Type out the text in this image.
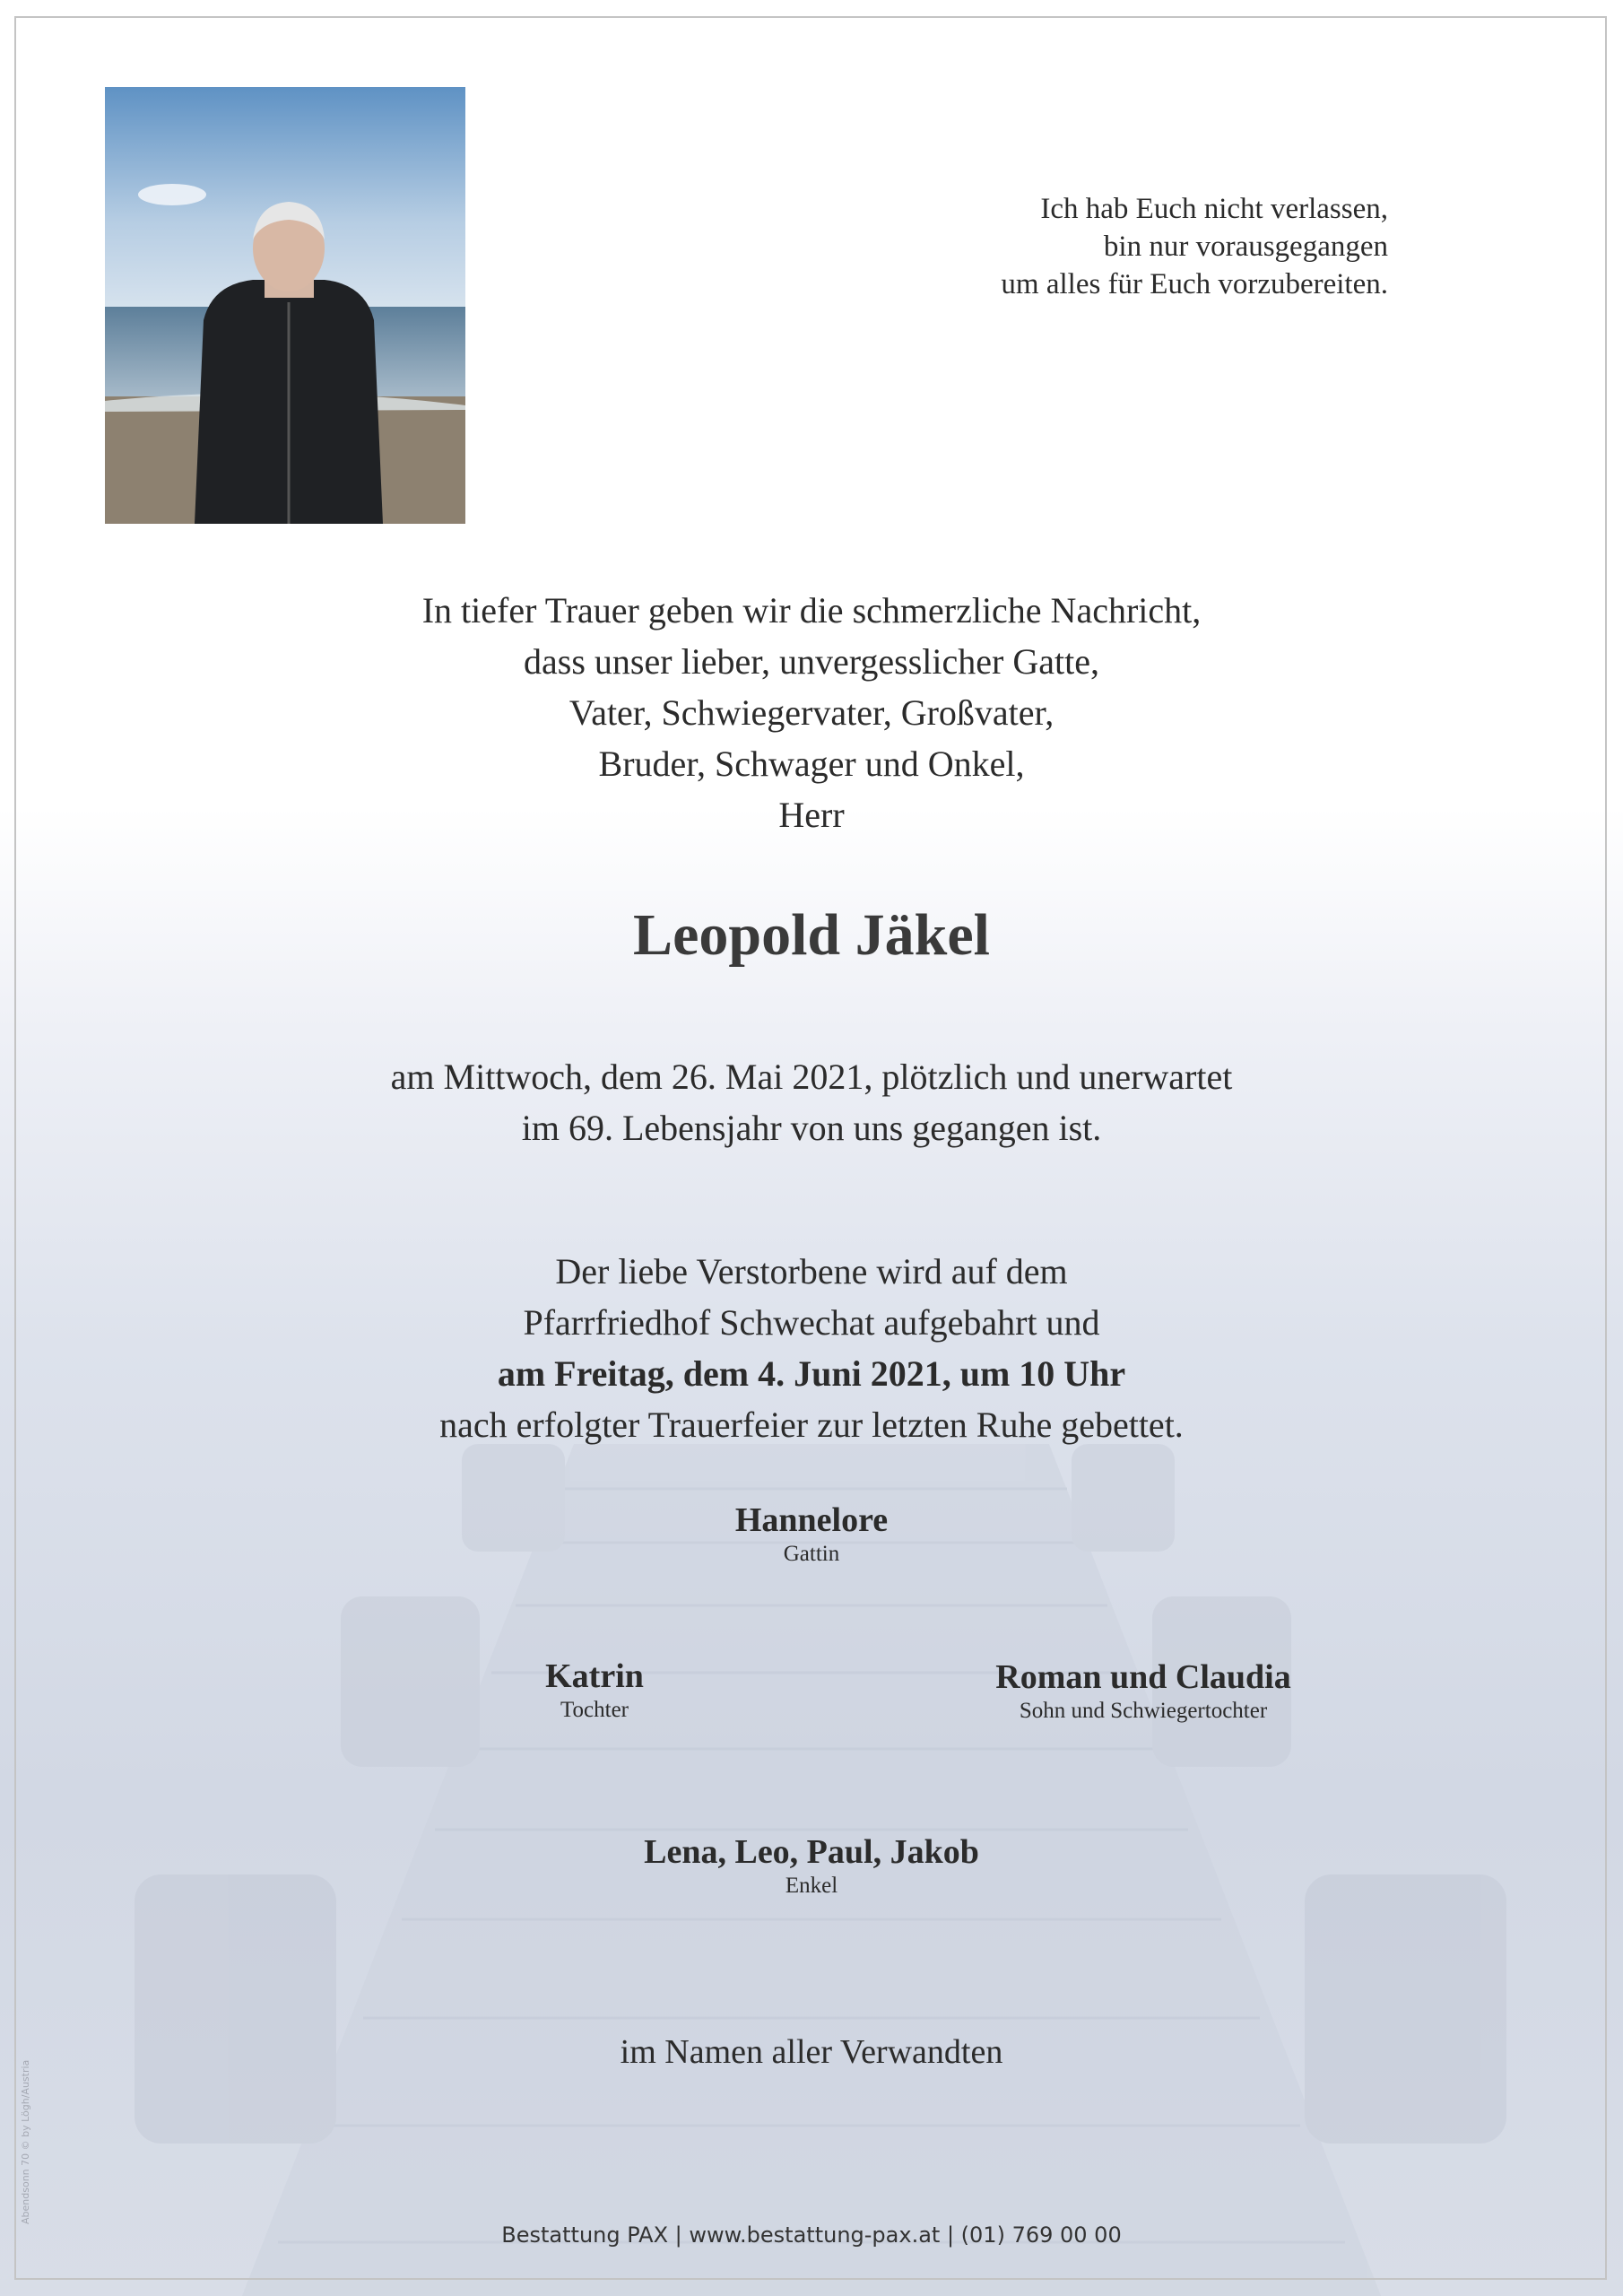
Ich hab Euch nicht verlassen,

bin nur vorausgegangen

um alles für Euch vorzubereiten.

In tiefer Trauer geben wir die schmerzliche Nachricht,

dass unser lieber, unvergesslicher Gatte,

Vater, Schwiegervater, Großvater,

Bruder, Schwager und Onkel,

Herr

Leopold Jäkel

am Mittwoch, dem 26. Mai 2021, plötzlich und unerwartet

im 69. Lebensjahr von uns gegangen ist.

Der liebe Verstorbene wird auf dem

Pfarrfriedhof Schwechat aufgebahrt und

am Freitag, dem 4. Juni 2021, um 10 Uhr

nach erfolgter Trauerfeier zur letzten Ruhe gebettet.

Hannelore
Gattin
Katrin
Tochter
Roman und Claudia
Sohn und Schwiegertochter
Lena, Leo, Paul, Jakob
Enkel
im Namen aller Verwandten
Bestattung PAX | www.bestattung-pax.at | (01) 769 00 00
Abendsonn 70 © by Lögh/Austria
